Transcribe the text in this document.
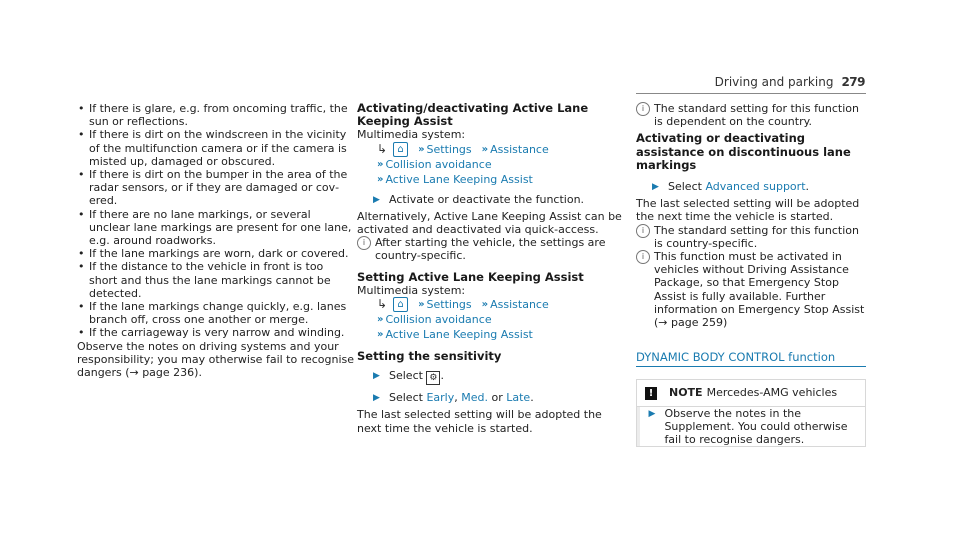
Driving and parking 279
• If there is glare, e.g. from oncoming traffic, the sun or reflections.
• If there is dirt on the windscreen in the vicinity of the multifunction camera or if the camera is misted up, damaged or obscured.
• If there is dirt on the bumper in the area of the radar sensors, or if they are damaged or covered.
• If there are no lane markings, or several unclear lane markings are present for one lane, e.g. around roadworks.
• If the lane markings are worn, dark or covered.
• If the distance to the vehicle in front is too short and thus the lane markings cannot be detected.
• If the lane markings change quickly, e.g. lanes branch off, cross one another or merge.
• If the carriageway is very narrow and winding.

Observe the notes on driving systems and your responsibility; you may otherwise fail to recognise dangers (→ page 236).

Activating/deactivating Active Lane Keeping Assist

Multimedia system:

↳	⌂	» Settings » Assistance
» Collision avoidance
» Active Lane Keeping Assist
▶ Activate or deactivate the function.

Alternatively, Active Lane Keeping Assist can be activated and deactivated via quick-access.

i After starting the vehicle, the settings are country-specific.
Setting Active Lane Keeping Assist

Multimedia system:

↳	⌂	» Settings » Assistance
» Collision avoidance
» Active Lane Keeping Assist
Setting the sensitivity
▶ Select ⚙ .
▶ Select Early, Med. or Late.

The last selected setting will be adopted the next time the vehicle is started.

i The standard setting for this function is dependent on the country.
Activating or deactivating assistance on discontinuous lane markings
▶ Select Advanced support.

The last selected setting will be adopted the next time the vehicle is started.

i The standard setting for this function is country-specific.
i This function must be activated in vehicles without Driving Assistance Package, so that Emergency Stop Assist is fully available. Further information on Emergency Stop Assist (→ page 259)
DYNAMIC BODY CONTROL function
!	NOTE Mercedes-AMG vehicles
▶ Observe the notes in the Supplement. You could otherwise fail to recognise dangers.
